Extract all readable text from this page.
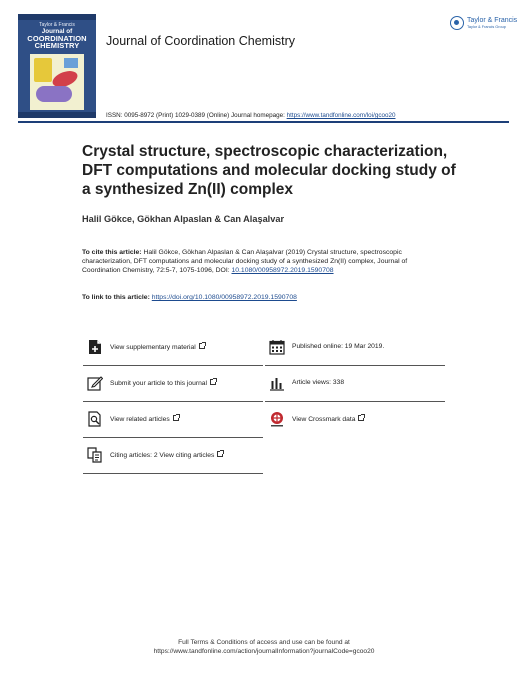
Taylor & Francis
Journal of
COORDINATION
CHEMISTRY	Journal of Coordination Chemistry
Taylor & Francis
Taylor & Francis Group
ISSN: 0095-8972 (Print) 1029-0389 (Online) Journal homepage: https://www.tandfonline.com/loi/gcoo20
Crystal structure, spectroscopic characterization, DFT computations and molecular docking study of a synthesized Zn(II) complex
Halil Gökce, Gökhan Alpaslan & Can Alaşalvar
To cite this article: Halil Gökce, Gökhan Alpaslan & Can Alaşalvar (2019) Crystal structure, spectroscopic characterization, DFT computations and molecular docking study of a synthesized Zn(II) complex, Journal of Coordination Chemistry, 72:5-7, 1075-1096, DOI: 10.1080/00958972.2019.1590708
To link to this article: https://doi.org/10.1080/00958972.2019.1590708
View supplementary material	Published online: 19 Mar 2019.
Submit your article to this journal	Article views: 338
View related articles	View Crossmark data
Citing articles: 2 View citing articles
Full Terms & Conditions of access and use can be found at
https://www.tandfonline.com/action/journalInformation?journalCode=gcoo20
